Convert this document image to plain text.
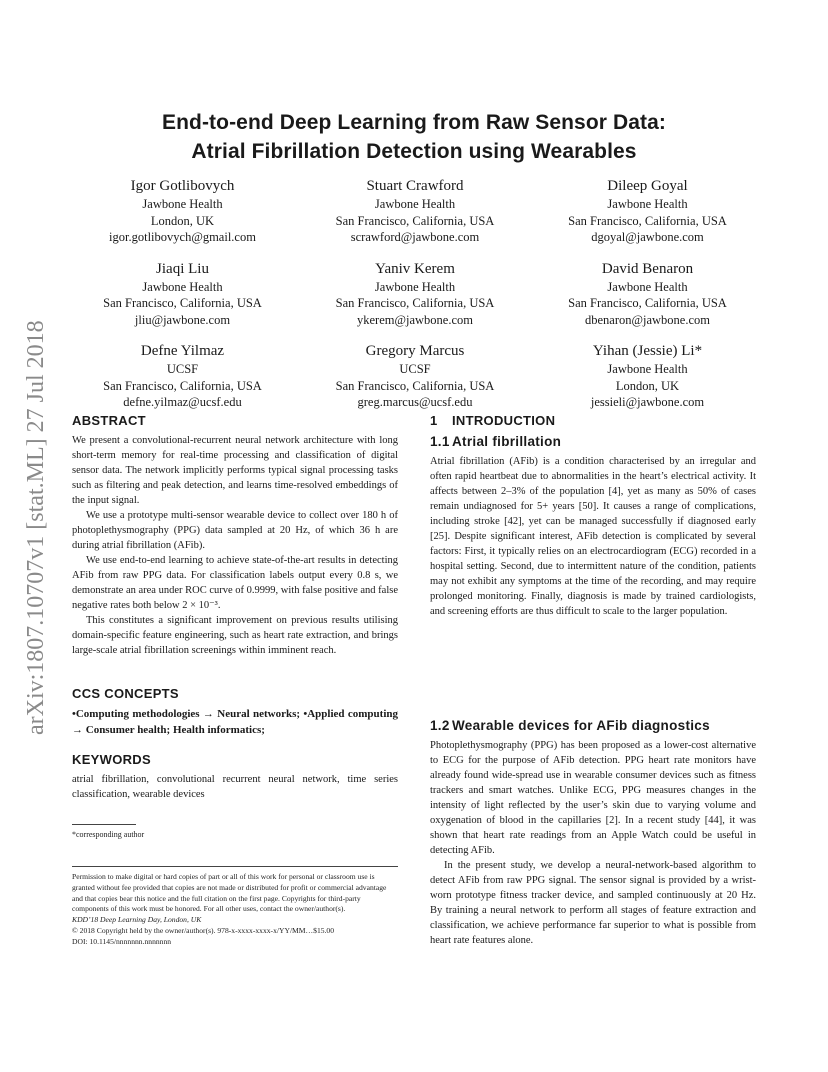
arXiv:1807.10707v1 [stat.ML] 27 Jul 2018
End-to-end Deep Learning from Raw Sensor Data:
Atrial Fibrillation Detection using Wearables
Igor Gotlibovych
Jawbone Health
London, UK
igor.gotlibovych@gmail.com
Stuart Crawford
Jawbone Health
San Francisco, California, USA
scrawford@jawbone.com
Dileep Goyal
Jawbone Health
San Francisco, California, USA
dgoyal@jawbone.com
Jiaqi Liu
Jawbone Health
San Francisco, California, USA
jliu@jawbone.com
Yaniv Kerem
Jawbone Health
San Francisco, California, USA
ykerem@jawbone.com
David Benaron
Jawbone Health
San Francisco, California, USA
dbenaron@jawbone.com
Defne Yilmaz
UCSF
San Francisco, California, USA
defne.yilmaz@ucsf.edu
Gregory Marcus
UCSF
San Francisco, California, USA
greg.marcus@ucsf.edu
Yihan (Jessie) Li*
Jawbone Health
London, UK
jessieli@jawbone.com
ABSTRACT

We present a convolutional-recurrent neural network architecture with long short-term memory for real-time processing and classification of digital sensor data. The network implicitly performs typical signal processing tasks such as filtering and peak detection, and learns time-resolved embeddings of the input signal.

We use a prototype multi-sensor wearable device to collect over 180 h of photoplethysmography (PPG) data sampled at 20 Hz, of which 36 h are during atrial fibrillation (AFib).

We use end-to-end learning to achieve state-of-the-art results in detecting AFib from raw PPG data. For classification labels output every 0.8 s, we demonstrate an area under ROC curve of 0.9999, with false positive and false negative rates both below 2 × 10⁻³.

This constitutes a significant improvement on previous results utilising domain-specific feature engineering, such as heart rate extraction, and brings large-scale atrial fibrillation screenings within imminent reach.

CCS CONCEPTS

•Computing methodologies → Neural networks; •Applied computing → Consumer health; Health informatics;

KEYWORDS

atrial fibrillation, convolutional recurrent neural network, time series classification, wearable devices

*corresponding author

Permission to make digital or hard copies of part or all of this work for personal or classroom use is granted without fee provided that copies are not made or distributed for profit or commercial advantage and that copies bear this notice and the full citation on the first page. Copyrights for third-party components of this work must be honored. For all other uses, contact the owner/author(s).

KDD’18 Deep Learning Day, London, UK

© 2018 Copyright held by the owner/author(s). 978-x-xxxx-xxxx-x/YY/MM…$15.00

DOI: 10.1145/nnnnnnn.nnnnnnn

1 INTRODUCTION
1.1 Atrial fibrillation

Atrial fibrillation (AFib) is a condition characterised by an irregular and often rapid heartbeat due to abnormalities in the heart’s electrical activity. It affects between 2–3% of the population [4], yet as many as 50% of cases remain undiagnosed for 5+ years [50]. It causes a range of complications, including stroke [42], yet can be managed successfully if diagnosed early [25]. Despite significant interest, AFib detection is complicated by several factors: First, it typically relies on an electrocardiogram (ECG) recorded in a hospital setting. Second, due to intermittent nature of the condition, patients may not exhibit any symptoms at the time of the recording, and may require prolonged monitoring. Finally, diagnosis is made by trained cardiologists, and screening efforts are thus difficult to scale to the larger population.

1.2 Wearable devices for AFib diagnostics

Photoplethysmography (PPG) has been proposed as a lower-cost alternative to ECG for the purpose of AFib detection. PPG heart rate monitors have already found wide-spread use in wearable consumer devices such as fitness trackers and smart watches. Unlike ECG, PPG measures changes in the intensity of light reflected by the user’s skin due to varying volume and oxygenation of blood in the capillaries [2]. In a recent study [44], it was shown that heart rate readings from an Apple Watch could be useful in detecting AFib.

In the present study, we develop a neural-network-based algorithm to detect AFib from raw PPG signal. The sensor signal is provided by a wrist-worn prototype fitness tracker device, and sampled continuously at 20 Hz. By training a neural network to perform all stages of feature extraction and classification, we achieve performance far superior to what is possible from heart rate features alone.
